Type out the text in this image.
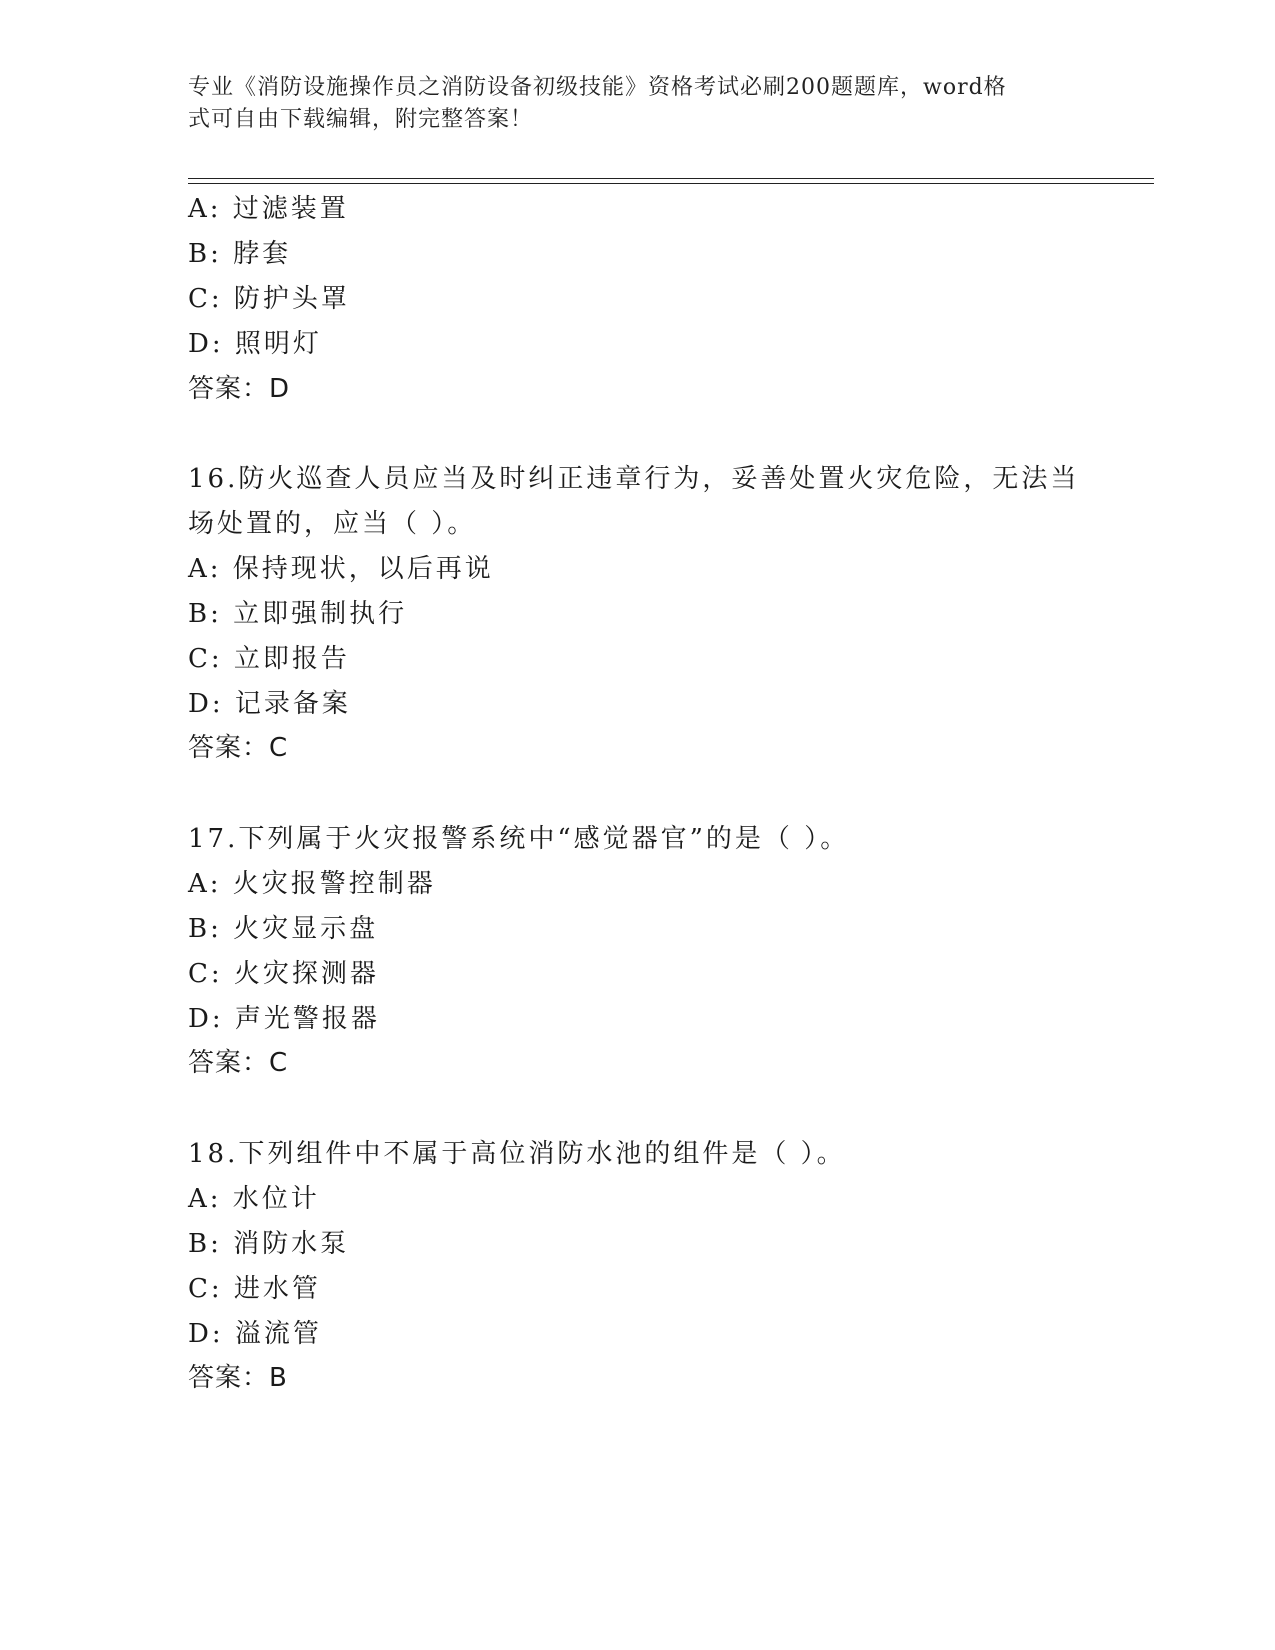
专业《消防设施操作员之消防设备初级技能》资格考试必刷200题题库，word格
式可自由下载编辑，附完整答案！
A: 过滤装置
B: 脖套
C: 防护头罩
D: 照明灯
答案：D
16.防火巡查人员应当及时纠正违章行为，妥善处置火灾危险，无法当
场处置的，应当（ ）。
A: 保持现状，以后再说
B: 立即强制执行
C: 立即报告
D: 记录备案
答案：C
17.下列属于火灾报警系统中“感觉器官”的是（ ）。
A: 火灾报警控制器
B: 火灾显示盘
C: 火灾探测器
D: 声光警报器
答案：C
18.下列组件中不属于高位消防水池的组件是（ ）。
A: 水位计
B: 消防水泵
C: 进水管
D: 溢流管
答案：B
